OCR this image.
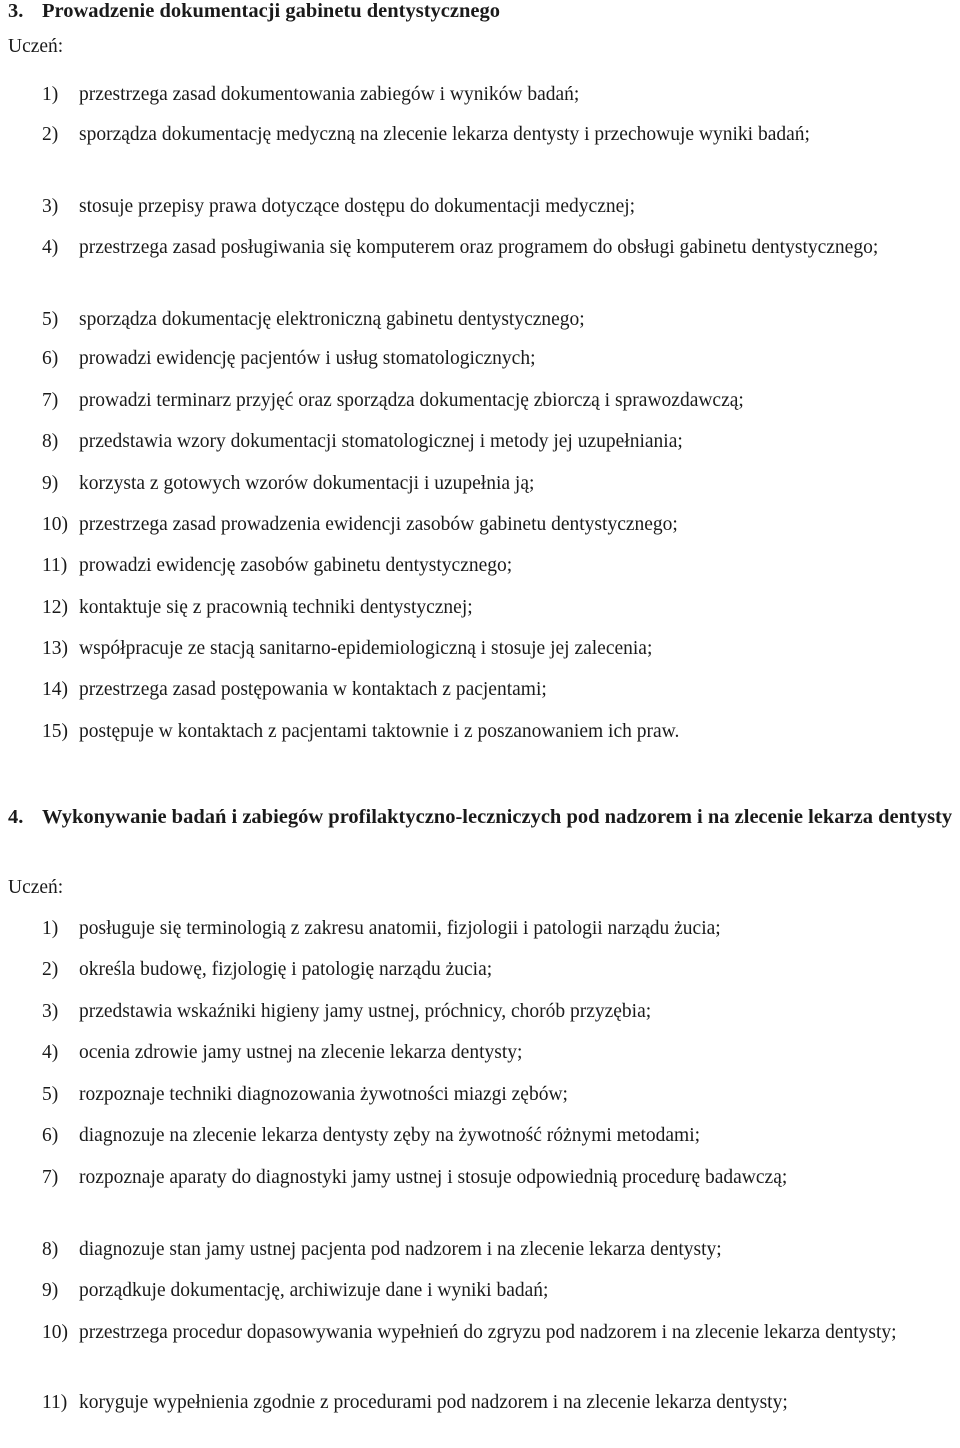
3. Prowadzenie dokumentacji gabinetu dentystycznego
Uczeń:
1) przestrzega zasad dokumentowania zabiegów i wyników badań;
2) sporządza dokumentację medyczną na zlecenie lekarza dentysty i przechowuje wyniki badań;
3) stosuje przepisy prawa dotyczące dostępu do dokumentacji medycznej;
4) przestrzega zasad posługiwania się komputerem oraz programem do obsługi gabinetu dentystycznego;
5) sporządza dokumentację elektroniczną gabinetu dentystycznego;
6) prowadzi ewidencję pacjentów i usług stomatologicznych;
7) prowadzi terminarz przyjęć oraz sporządza dokumentację zbiorczą i sprawozdawczą;
8) przedstawia wzory dokumentacji stomatologicznej i metody jej uzupełniania;
9) korzysta z gotowych wzorów dokumentacji i uzupełnia ją;
10) przestrzega zasad prowadzenia ewidencji zasobów gabinetu dentystycznego;
11) prowadzi ewidencję zasobów gabinetu dentystycznego;
12) kontaktuje się z pracownią techniki dentystycznej;
13) współpracuje ze stacją sanitarno-epidemiologiczną i stosuje jej zalecenia;
14) przestrzega zasad postępowania w kontaktach z pacjentami;
15) postępuje w kontaktach z pacjentami taktownie i z poszanowaniem ich praw.
4. Wykonywanie badań i zabiegów profilaktyczno-leczniczych pod nadzorem i na zlecenie lekarza dentysty
Uczeń:
1) posługuje się terminologią z zakresu anatomii, fizjologii i patologii narządu żucia;
2) określa budowę, fizjologię i patologię narządu żucia;
3) przedstawia wskaźniki higieny jamy ustnej, próchnicy, chorób przyzębia;
4) ocenia zdrowie jamy ustnej na zlecenie lekarza dentysty;
5) rozpoznaje techniki diagnozowania żywotności miazgi zębów;
6) diagnozuje na zlecenie lekarza dentysty zęby na żywotność różnymi metodami;
7) rozpoznaje aparaty do diagnostyki jamy ustnej i stosuje odpowiednią procedurę badawczą;
8) diagnozuje stan jamy ustnej pacjenta pod nadzorem i na zlecenie lekarza dentysty;
9) porządkuje dokumentację, archiwizuje dane i wyniki badań;
10) przestrzega procedur dopasowywania wypełnień do zgryzu pod nadzorem i na zlecenie lekarza dentysty;
11) koryguje wypełnienia zgodnie z procedurami pod nadzorem i na zlecenie lekarza dentysty;
